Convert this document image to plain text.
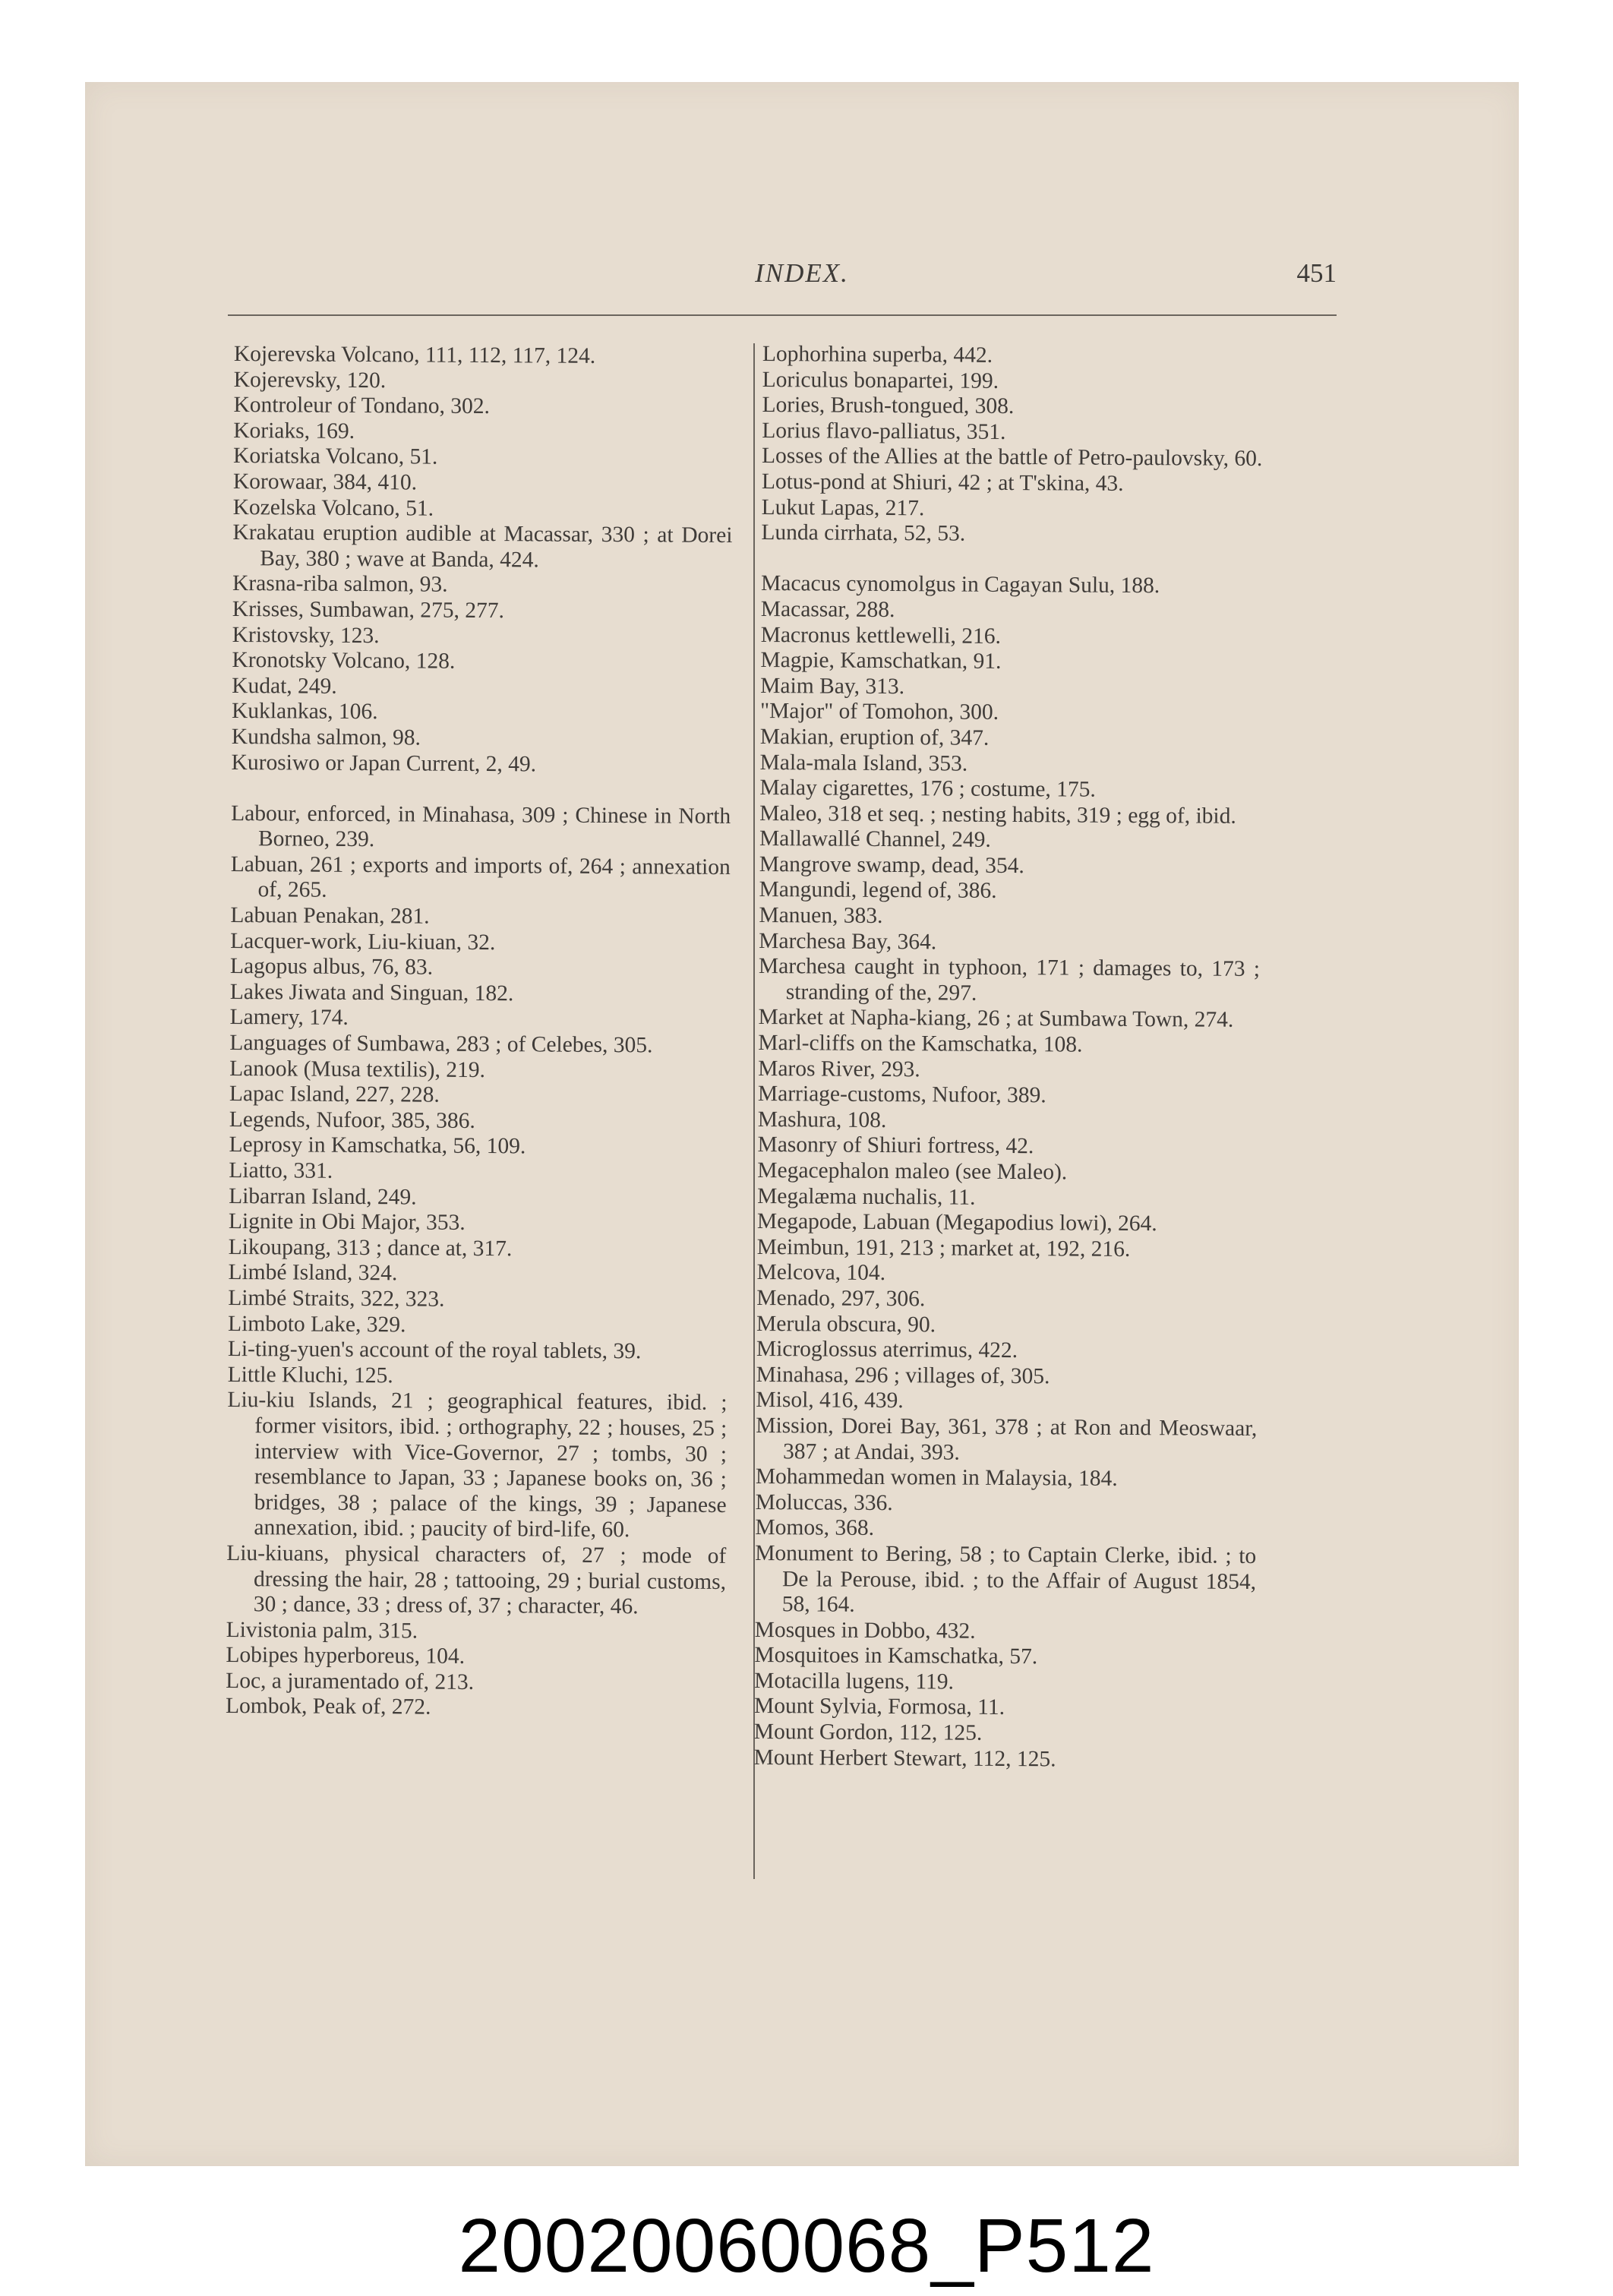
INDEX.	451
Kojerevska Volcano, 111, 112, 117, 124.
Kojerevsky, 120.
Kontroleur of Tondano, 302.
Koriaks, 169.
Koriatska Volcano, 51.
Korowaar, 384, 410.
Kozelska Volcano, 51.
Krakatau eruption audible at Macassar, 330 ; at Dorei Bay, 380 ; wave at Banda, 424.
Krasna-riba salmon, 93.
Krisses, Sumbawan, 275, 277.
Kristovsky, 123.
Kronotsky Volcano, 128.
Kudat, 249.
Kuklankas, 106.
Kundsha salmon, 98.
Kurosiwo or Japan Current, 2, 49.
Labour, enforced, in Minahasa, 309 ; Chinese in North Borneo, 239.
Labuan, 261 ; exports and imports of, 264 ; annexation of, 265.
Labuan Penakan, 281.
Lacquer-work, Liu-kiuan, 32.
Lagopus albus, 76, 83.
Lakes Jiwata and Singuan, 182.
Lamery, 174.
Languages of Sumbawa, 283 ; of Celebes, 305.
Lanook (Musa textilis), 219.
Lapac Island, 227, 228.
Legends, Nufoor, 385, 386.
Leprosy in Kamschatka, 56, 109.
Liatto, 331.
Libarran Island, 249.
Lignite in Obi Major, 353.
Likoupang, 313 ; dance at, 317.
Limbé Island, 324.
Limbé Straits, 322, 323.
Limboto Lake, 329.
Li-ting-yuen's account of the royal tablets, 39.
Little Kluchi, 125.
Liu-kiu Islands, 21 ; geographical features, ibid. ; former visitors, ibid. ; orthography, 22 ; houses, 25 ; interview with Vice-Governor, 27 ; tombs, 30 ; resemblance to Japan, 33 ; Japanese books on, 36 ; bridges, 38 ; palace of the kings, 39 ; Japanese annexation, ibid. ; paucity of bird-life, 60.
Liu-kiuans, physical characters of, 27 ; mode of dressing the hair, 28 ; tattooing, 29 ; burial customs, 30 ; dance, 33 ; dress of, 37 ; character, 46.
Livistonia palm, 315.
Lobipes hyperboreus, 104.
Loc, a juramentado of, 213.
Lombok, Peak of, 272.
Lophorhina superba, 442.
Loriculus bonapartei, 199.
Lories, Brush-tongued, 308.
Lorius flavo-palliatus, 351.
Losses of the Allies at the battle of Petro-paulovsky, 60.
Lotus-pond at Shiuri, 42 ; at T'skina, 43.
Lukut Lapas, 217.
Lunda cirrhata, 52, 53.
Macacus cynomolgus in Cagayan Sulu, 188.
Macassar, 288.
Macronus kettlewelli, 216.
Magpie, Kamschatkan, 91.
Maim Bay, 313.
"Major" of Tomohon, 300.
Makian, eruption of, 347.
Mala-mala Island, 353.
Malay cigarettes, 176 ; costume, 175.
Maleo, 318 et seq. ; nesting habits, 319 ; egg of, ibid.
Mallawallé Channel, 249.
Mangrove swamp, dead, 354.
Mangundi, legend of, 386.
Manuen, 383.
Marchesa Bay, 364.
Marchesa caught in typhoon, 171 ; damages to, 173 ; stranding of the, 297.
Market at Napha-kiang, 26 ; at Sumbawa Town, 274.
Marl-cliffs on the Kamschatka, 108.
Maros River, 293.
Marriage-customs, Nufoor, 389.
Mashura, 108.
Masonry of Shiuri fortress, 42.
Megacephalon maleo (see Maleo).
Megalæma nuchalis, 11.
Megapode, Labuan (Megapodius lowi), 264.
Meimbun, 191, 213 ; market at, 192, 216.
Melcova, 104.
Menado, 297, 306.
Merula obscura, 90.
Microglossus aterrimus, 422.
Minahasa, 296 ; villages of, 305.
Misol, 416, 439.
Mission, Dorei Bay, 361, 378 ; at Ron and Meoswaar, 387 ; at Andai, 393.
Mohammedan women in Malaysia, 184.
Moluccas, 336.
Momos, 368.
Monument to Bering, 58 ; to Captain Clerke, ibid. ; to De la Perouse, ibid. ; to the Affair of August 1854, 58, 164.
Mosques in Dobbo, 432.
Mosquitoes in Kamschatka, 57.
Motacilla lugens, 119.
Mount Sylvia, Formosa, 11.
Mount Gordon, 112, 125.
Mount Herbert Stewart, 112, 125.
20020060068_P512
